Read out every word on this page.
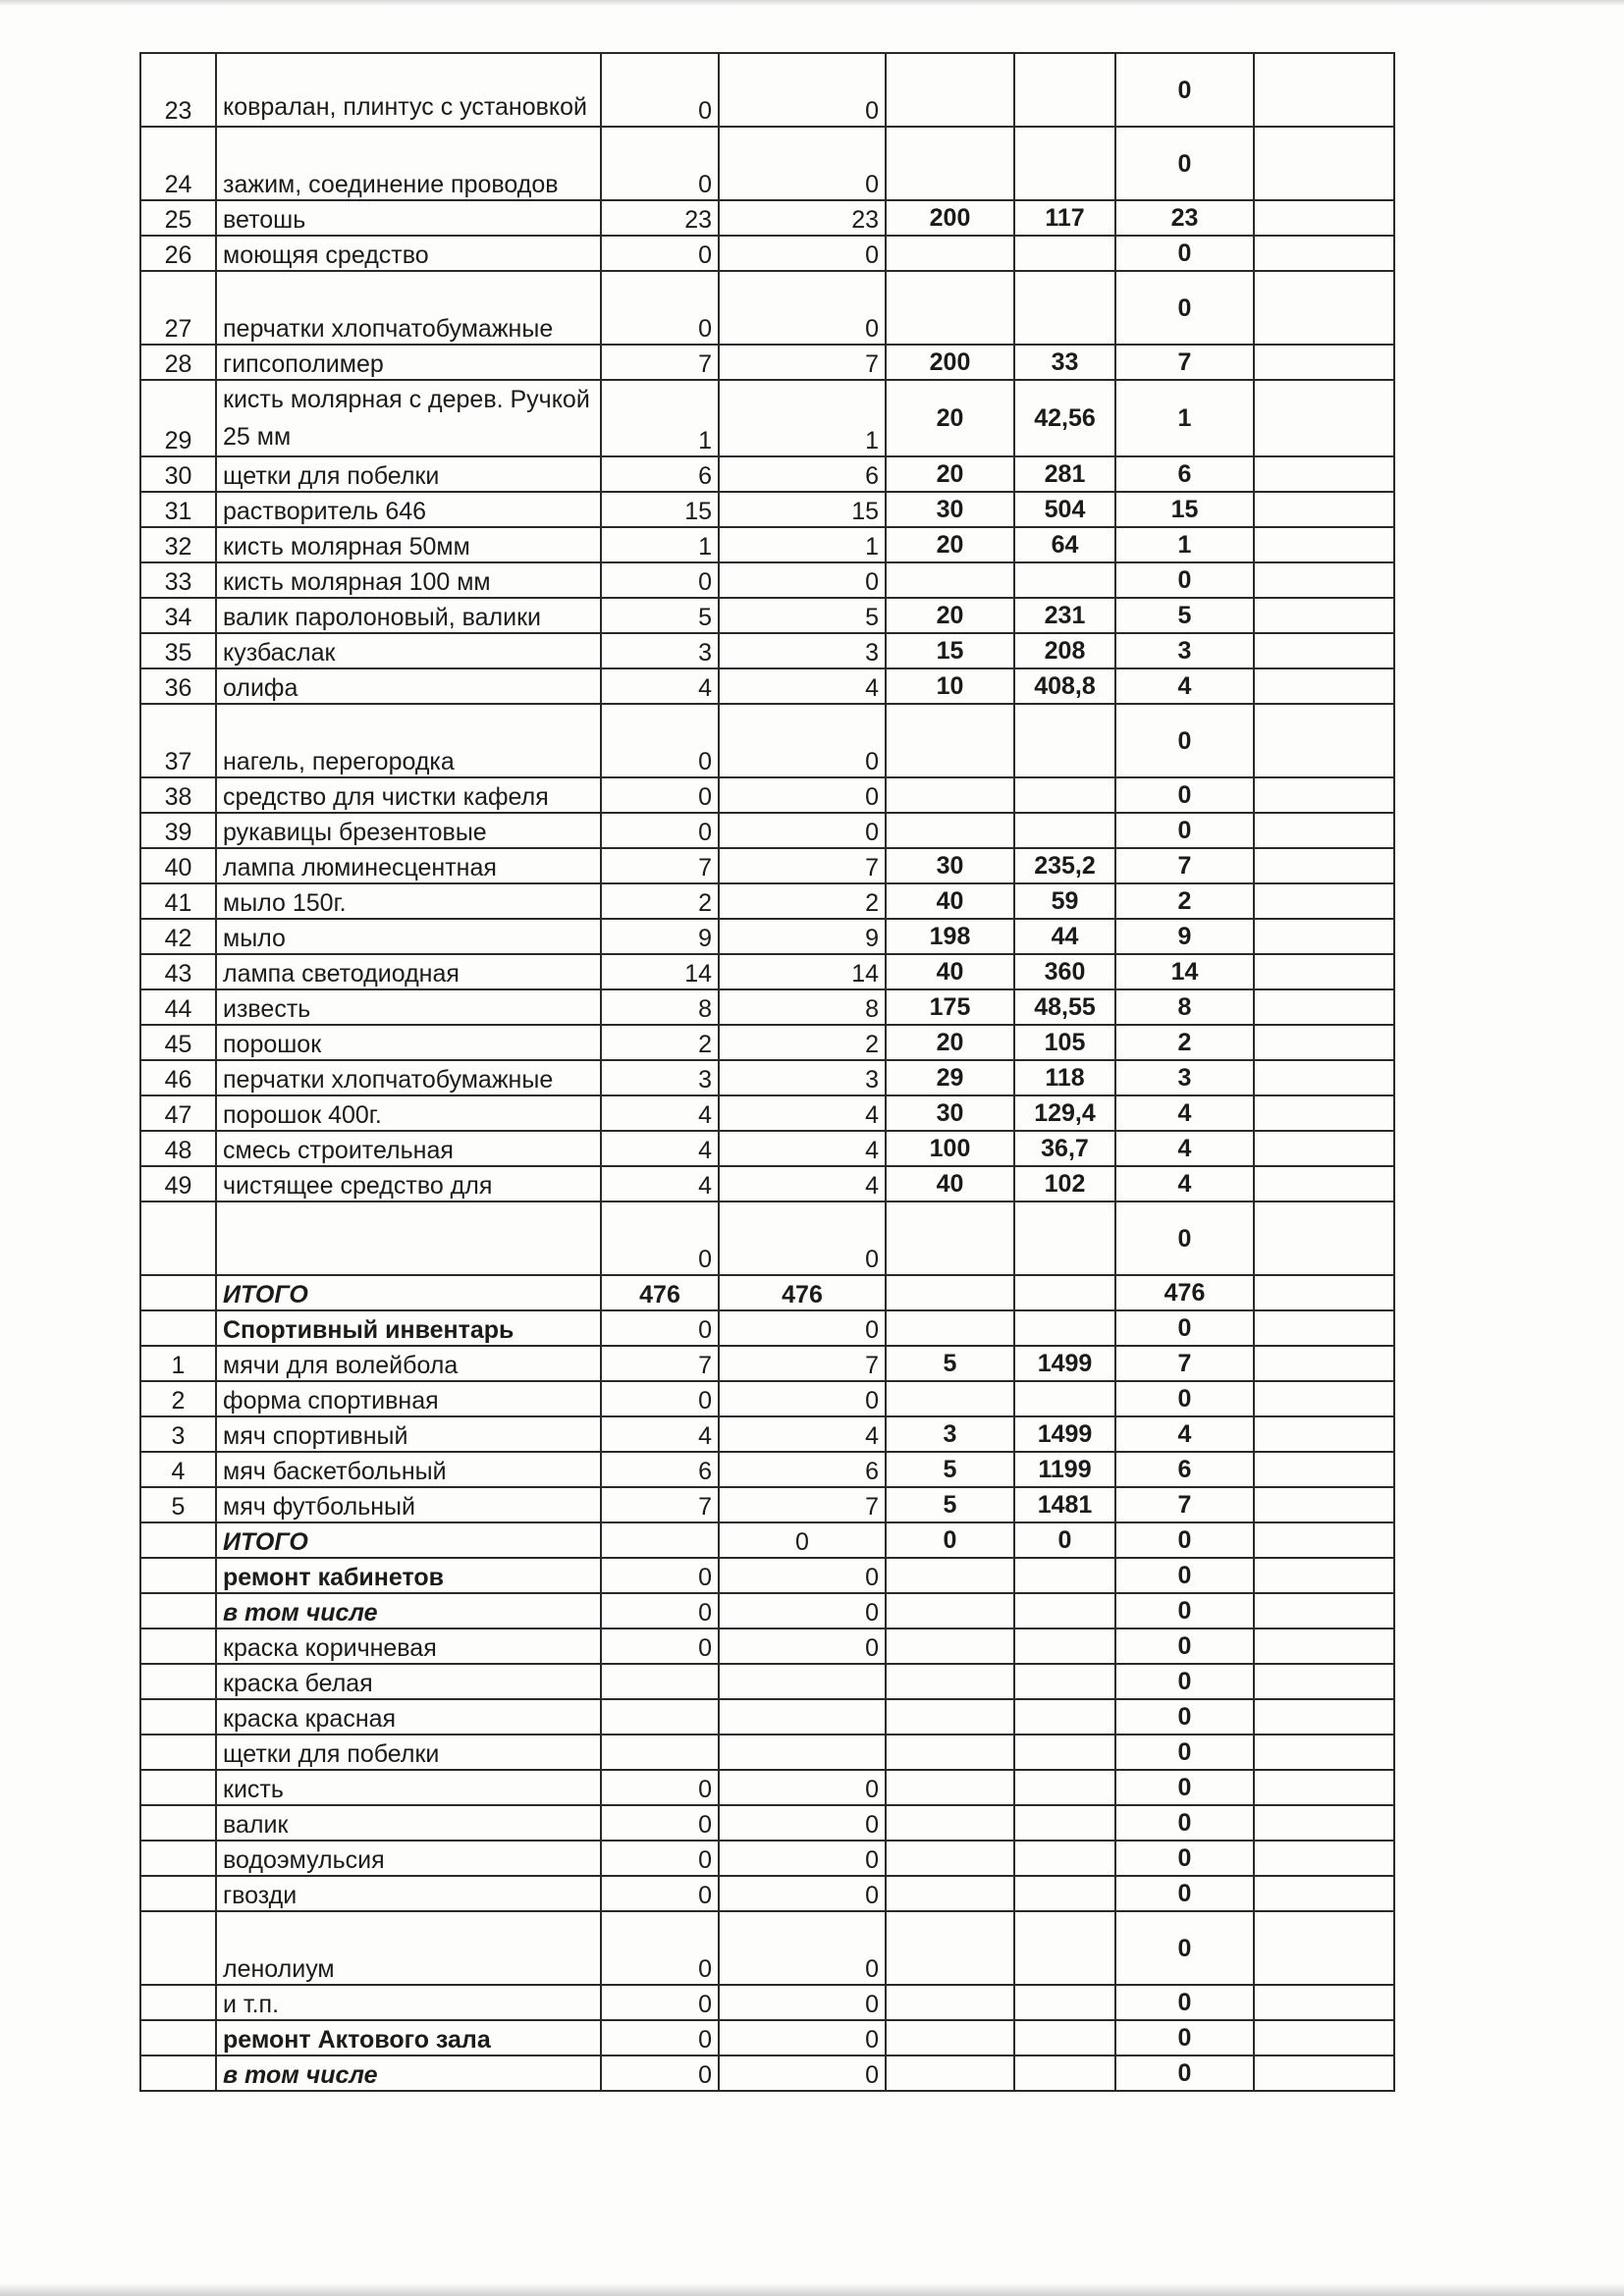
23	ковралан, плинтус с установкой	0	0			0	
24	зажим, соединение проводов	0	0			0	
25	ветошь	23	23	200	117	23	
26	моющяя средство	0	0			0	
27	перчатки хлопчатобумажные	0	0			0	
28	гипсополимер	7	7	200	33	7	
29	кисть молярная с дерев. Ручкой 25 мм	1	1	20	42,56	1	
30	щетки для побелки	6	6	20	281	6	
31	растворитель 646	15	15	30	504	15	
32	кисть молярная 50мм	1	1	20	64	1	
33	кисть молярная 100 мм	0	0			0	
34	валик паролоновый, валики	5	5	20	231	5	
35	кузбаслак	3	3	15	208	3	
36	олифа	4	4	10	408,8	4	
37	нагель, перегородка	0	0			0	
38	средство для чистки кафеля	0	0			0	
39	рукавицы брезентовые	0	0			0	
40	лампа люминесцентная	7	7	30	235,2	7	
41	мыло 150г.	2	2	40	59	2	
42	мыло	9	9	198	44	9	
43	лампа светодиодная	14	14	40	360	14	
44	известь	8	8	175	48,55	8	
45	порошок	2	2	20	105	2	
46	перчатки хлопчатобумажные	3	3	29	118	3	
47	порошок 400г.	4	4	30	129,4	4	
48	смесь строительная	4	4	100	36,7	4	
49	чистящее средство для	4	4	40	102	4	
		0	0			0	
	ИТОГО	476	476			476	
	Спортивный инвентарь	0	0			0	
1	мячи для волейбола	7	7	5	1499	7	
2	форма спортивная	0	0			0	
3	мяч спортивный	4	4	3	1499	4	
4	мяч баскетбольный	6	6	5	1199	6	
5	мяч футбольный	7	7	5	1481	7	
	ИТОГО		0	0	0	0	
	ремонт кабинетов	0	0			0	
	в том числе	0	0			0	
	краска коричневая	0	0			0	
	краска белая					0	
	краска красная					0	
	щетки для побелки					0	
	кисть	0	0			0	
	валик	0	0			0	
	водоэмульсия	0	0			0	
	гвозди	0	0			0	
	ленолиум	0	0			0	
	и т.п.	0	0			0	
	ремонт Актового зала	0	0			0	
	в том числе	0	0			0	
